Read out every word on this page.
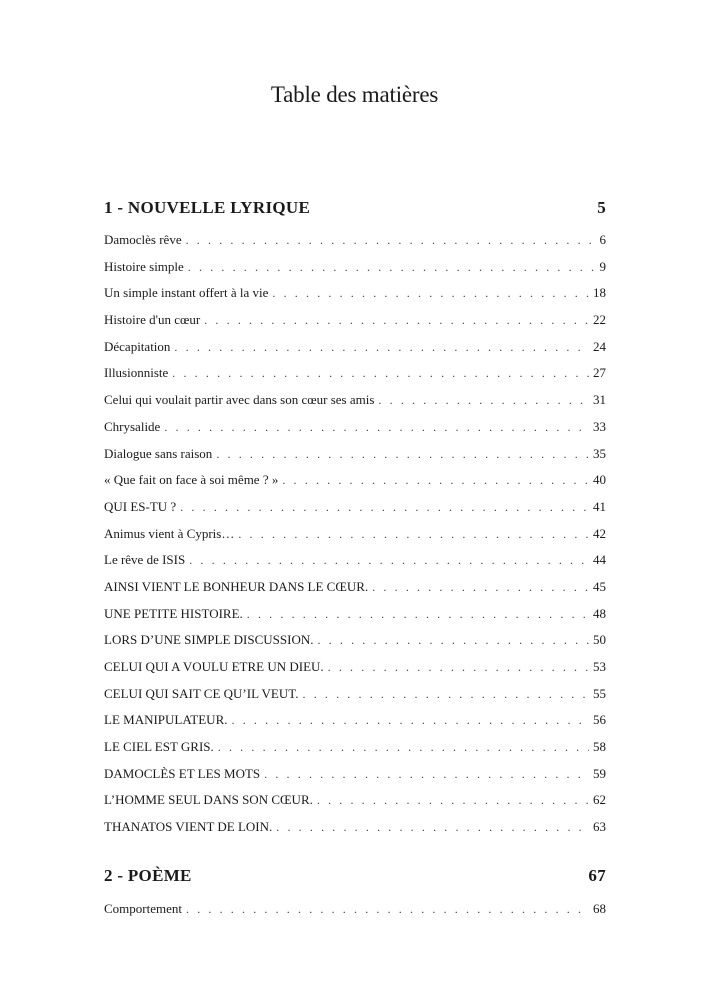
Table des matières
1 - NOUVELLE LYRIQUE	5
Damoclès rêve . . .	6
Histoire simple . . .	9
Un simple instant offert à la vie . . .	18
Histoire d'un cœur . . .	22
Décapitation . . .	24
Illusionniste . . .	27
Celui qui voulait partir avec dans son cœur ses amis . . .	31
Chrysalide . . .	33
Dialogue sans raison . . .	35
« Que fait on face à soi même ? » . . .	40
QUI ES-TU ? . . .	41
Animus vient à Cypris… . . .	42
Le rêve de ISIS . . .	44
AINSI VIENT LE BONHEUR DANS LE CŒUR. . . .	45
UNE PETITE HISTOIRE. . . .	48
LORS D’UNE SIMPLE DISCUSSION. . . .	50
CELUI QUI A VOULU ETRE UN DIEU. . . .	53
CELUI QUI SAIT CE QU’IL VEUT. . . .	55
LE MANIPULATEUR. . . .	56
LE CIEL EST GRIS. . . .	58
DAMOCLÈS ET LES MOTS . . .	59
L’HOMME SEUL DANS SON CŒUR. . . .	62
THANATOS VIENT DE LOIN. . . .	63
2 - POÈME	67
Comportement . . .	68
